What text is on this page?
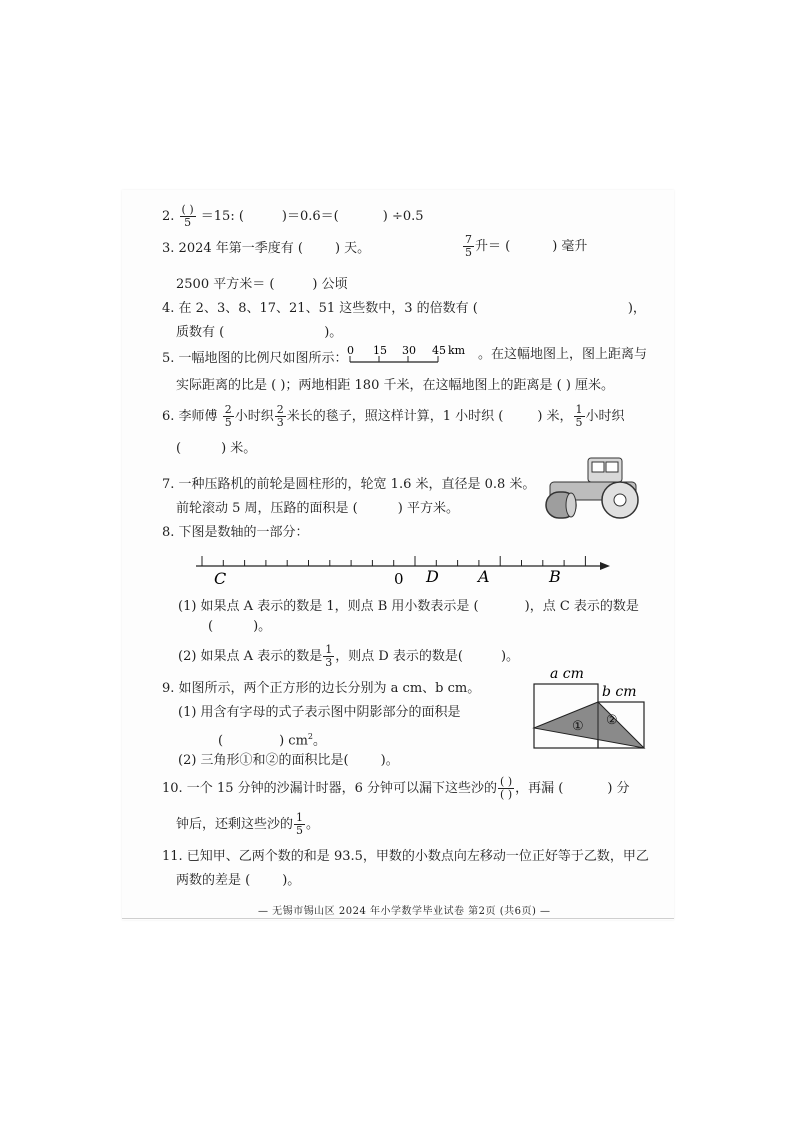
2. $\frac{( )}{5} =15$: (	)＝0.6＝(	) ÷0.5
3. 2024 年第一季度有 ( ) 天。	$\frac{7}{5}$ 升＝ (	) 毫升
2500 平方米＝ (	) 公顷
4. 在 2、3、8、17、21、51 这些数中，3 的倍数有 (	)，
质数有 (	)。
5. 一幅地图的比例尺如图所示：
0 15 30 45 km 。在这幅地图上，图上距离与
实际距离的比是 ( )；两地相距 180 千米，在这幅地图上的距离是 ( ) 厘米。
6. 李师傅 $\frac{2}{5}$ 小时织 $\frac{2}{3}$ 米长的毯子，照这样计算，1 小时织 (	) 米， $\frac{1}{5}$ 小时织
(	) 米。
7. 一种压路机的前轮是圆柱形的，轮宽 1.6 米，直径是 0.8 米。
前轮滚动 5 周，压路的面积是 (	) 平方米。
8. 下图是数轴的一部分：
C	0 D A	B
(1) 如果点 A 表示的数是 1，则点 B 用小数表示是 (	)，点 C 表示的数是
(	)。
(2) 如果点 A 表示的数是 $\frac{1}{3}$ ，则点 D 表示的数是(	)。
9. 如图所示，两个正方形的边长分别为 a cm、b cm。
(1) 用含有字母的式子表示图中阴影部分的面积是
(	) $cm^2$。
(2) 三角形①和②的面积比是( )。
a cm
b cm
① ②
10. 一个 15 分钟的沙漏计时器，6 分钟可以漏下这些沙的 $\frac{( )}{( )}$ ，再漏 (	) 分
钟后，还剩这些沙的 $\frac{1}{5}$ 。
11. 已知甲、乙两个数的和是 93.5，甲数的小数点向左移动一位正好等于乙数，甲乙
两数的差是 ( )。
— 无锡市锡山区 2024 年小学数学毕业试卷 第2页 (共6页) —
